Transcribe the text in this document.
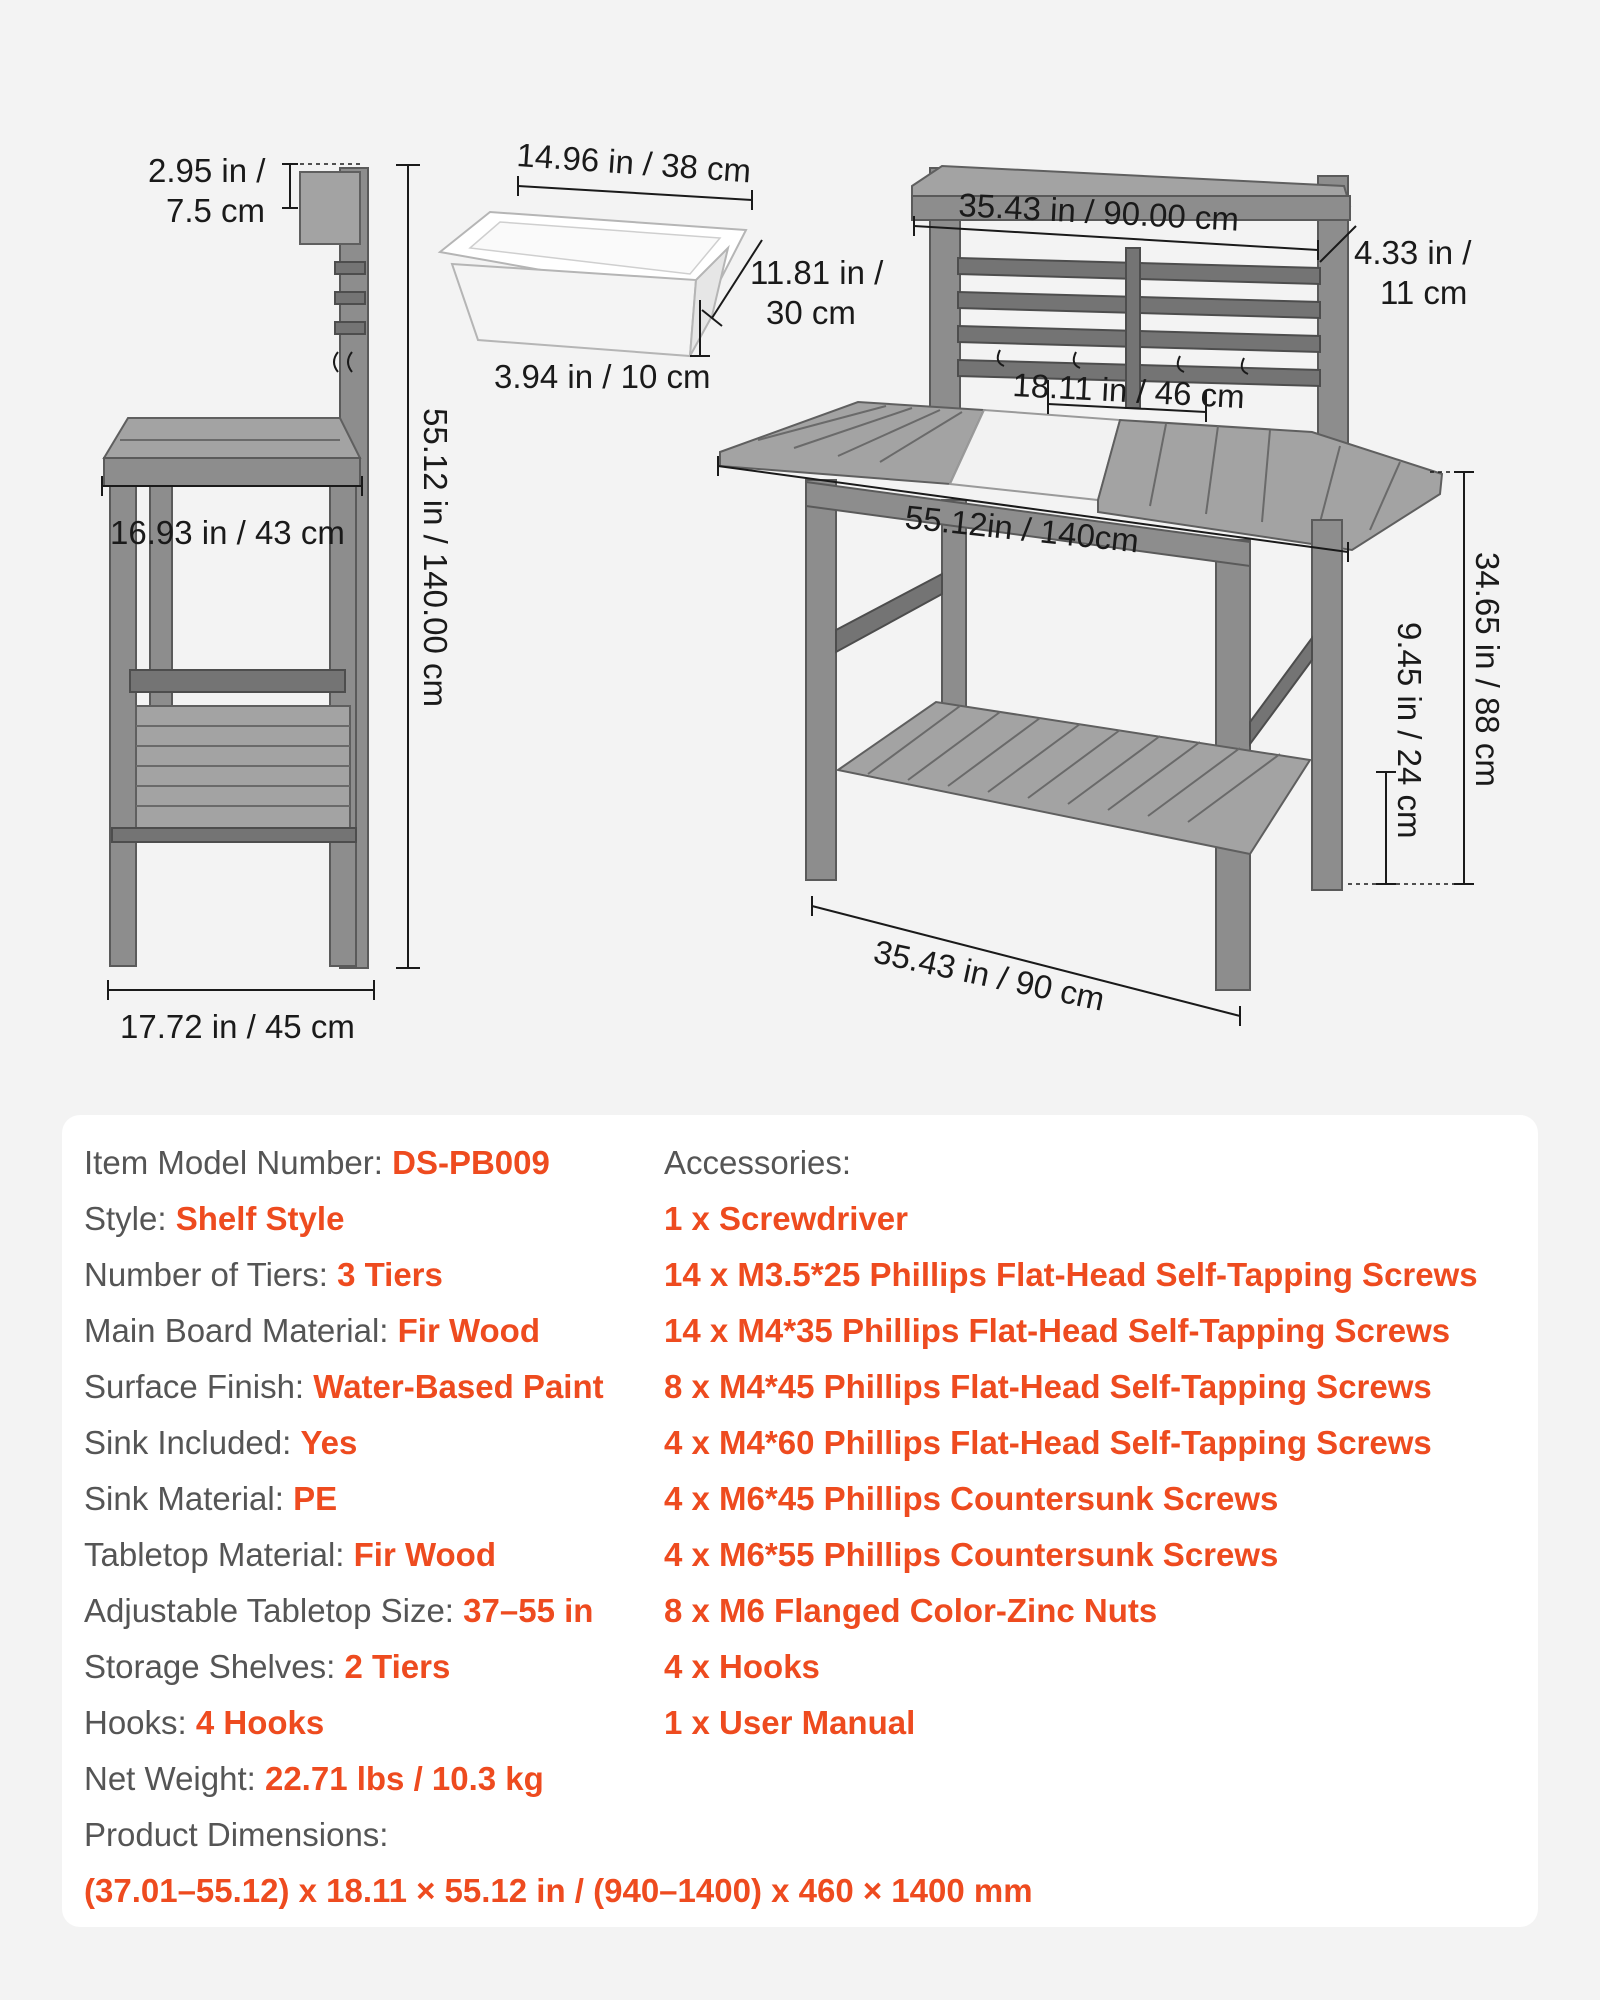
2.95 in /
7.5 cm
16.93 in / 43 cm 55.12 in / 140.00 cm
17.72 in / 45 cm
14.96 in / 38 cm
11.81 in /
30 cm
3.94 in / 10 cm
35.43 in / 90.00 cm
4.33 in /
11 cm
18.11 in / 46 cm
55.12in / 140cm
34.65 in / 88 cm
9.45 in / 24 cm
35.43 in / 90 cm
Item Model Number: DS-PB009
Style: Shelf Style
Number of Tiers: 3 Tiers
Main Board Material: Fir Wood
Surface Finish: Water-Based Paint
Sink Included: Yes
Sink Material: PE
Tabletop Material: Fir Wood
Adjustable Tabletop Size: 37–55 in
Storage Shelves: 2 Tiers
Hooks: 4 Hooks
Net Weight: 22.71 lbs / 10.3 kg
Product Dimensions:
(37.01–55.12) x 18.11 × 55.12 in / (940–1400) x 460 × 1400 mm
Accessories:
1 x Screwdriver
14 x M3.5*25 Phillips Flat-Head Self-Tapping Screws
14 x M4*35 Phillips Flat-Head Self-Tapping Screws
8 x M4*45 Phillips Flat-Head Self-Tapping Screws
4 x M4*60 Phillips Flat-Head Self-Tapping Screws
4 x M6*45 Phillips Countersunk Screws
4 x M6*55 Phillips Countersunk Screws
8 x M6 Flanged Color-Zinc Nuts
4 x Hooks
1 x User Manual
